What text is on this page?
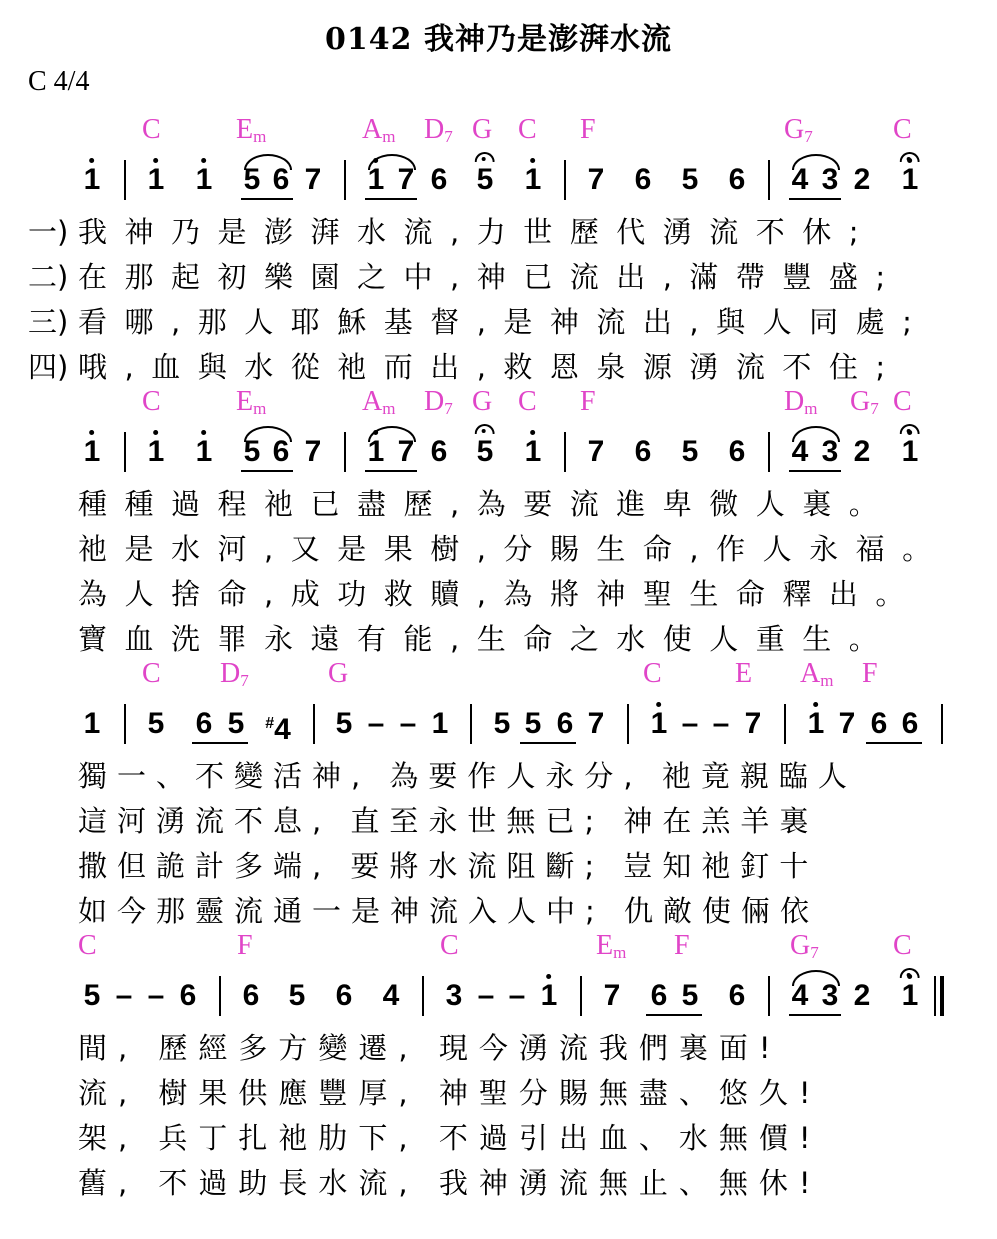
0142 我神乃是澎湃水流
C 4/4
C	$E_m$	$A_m$ $D_7$ G C F	$G_7$	C
1 1 1 5 6 7 1 7 6 5 1 7 6 5 6 4 3 2 1
一) 我神乃是澎湃水流,力世歷代湧流不休;
二) 在那起初樂園之中,神已流出,滿帶豐盛;
三) 看哪,那人耶穌基督,是神流出,與人同處;
四) 哦,血與水從祂而出,救恩泉源湧流不住;
C	$E_m$	$A_m$ $D_7$ G C F	$D_m$ $G_7$ C
1 1 1 5 6 7 1 7 6 5 1 7 6 5 6 4 3 2 1
種種過程祂已盡歷,為要流進卑微人裏。
祂是水河,又是果樹,分賜生命,作人永福。
為人捨命,成功救贖,為將神聖生命釋出。
寶血洗罪永遠有能,生命之水使人重生。
C $D_7$	G	C	E $A_m$ F
1 5 6 5 #4 5 – – 1 5 5 6 7 1 – – 7 1 7 6 6
獨一、不變活神, 為要作人永分, 祂竟親臨人
這河湧流不息, 直至永世無已; 神在羔羊裏
撒但詭計多端, 要將水流阻斷; 豈知祂釘十
如今那靈流通一是神流入人中; 仇敵使倆依
C	F	C	$E_m$ F	$G_7$	C
5 – – 6 6 5 6 4 3 – – 1 7 6 5 6 4 3 2 1
間, 歷經多方變遷, 現今湧流我們裏面!
流, 樹果供應豐厚, 神聖分賜無盡、悠久!
架, 兵丁扎祂肋下, 不過引出血、水無價!
舊, 不過助長水流, 我神湧流無止、無休!
